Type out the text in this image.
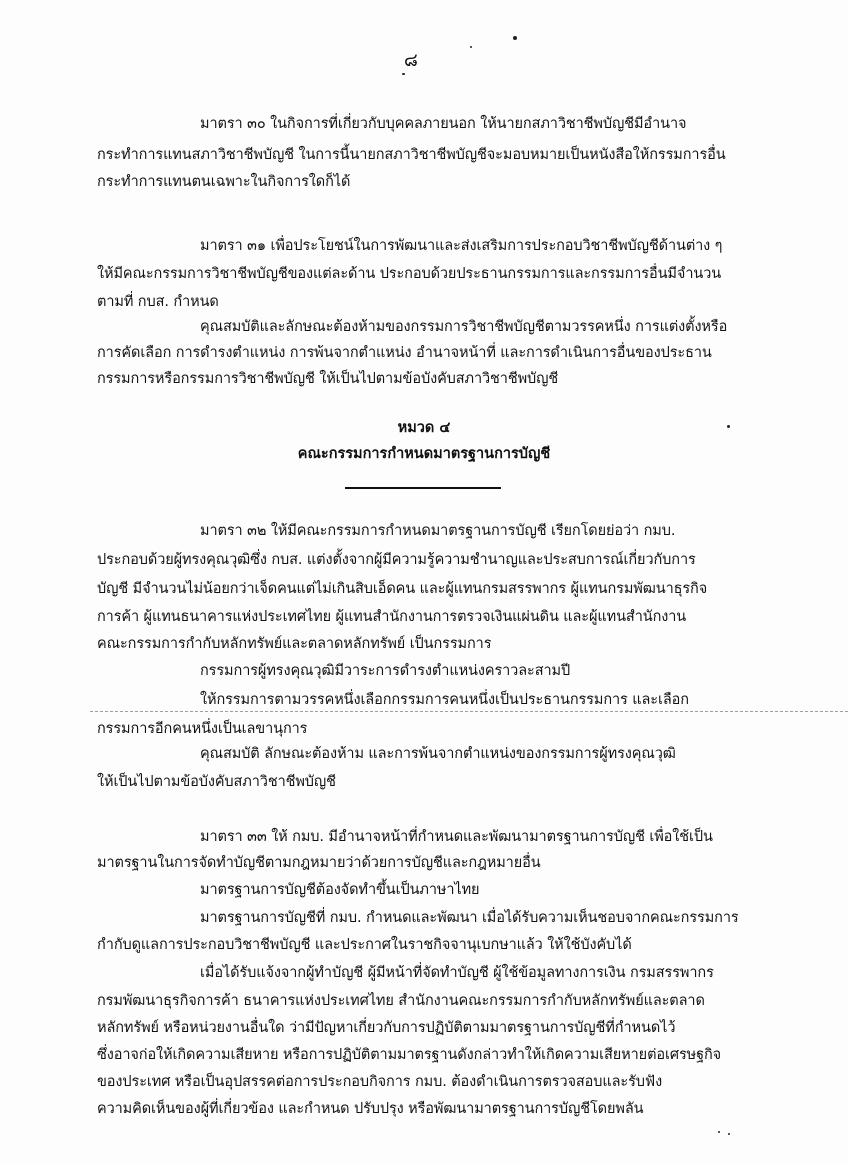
๘
มาตรา ๓๐ ในกิจการที่เกี่ยวกับบุคคลภายนอก ให้นายกสภาวิชาชีพบัญชีมีอำนาจ
กระทำการแทนสภาวิชาชีพบัญชี ในการนี้นายกสภาวิชาชีพบัญชีจะมอบหมายเป็นหนังสือให้กรรมการอื่น
กระทำการแทนตนเฉพาะในกิจการใดก็ได้
มาตรา ๓๑ เพื่อประโยชน์ในการพัฒนาและส่งเสริมการประกอบวิชาชีพบัญชีด้านต่าง ๆ
ให้มีคณะกรรมการวิชาชีพบัญชีของแต่ละด้าน ประกอบด้วยประธานกรรมการและกรรมการอื่นมีจำนวน
ตามที่ กบส. กำหนด
คุณสมบัติและลักษณะต้องห้ามของกรรมการวิชาชีพบัญชีตามวรรคหนึ่ง การแต่งตั้งหรือ
การคัดเลือก การดำรงตำแหน่ง การพ้นจากตำแหน่ง อำนาจหน้าที่ และการดำเนินการอื่นของประธาน
กรรมการหรือกรรมการวิชาชีพบัญชี ให้เป็นไปตามข้อบังคับสภาวิชาชีพบัญชี
หมวด ๔
คณะกรรมการกำหนดมาตรฐานการบัญชี
มาตรา ๓๒ ให้มีคณะกรรมการกำหนดมาตรฐานการบัญชี เรียกโดยย่อว่า กมบ.
ประกอบด้วยผู้ทรงคุณวุฒิซึ่ง กบส. แต่งตั้งจากผู้มีความรู้ความชำนาญและประสบการณ์เกี่ยวกับการ
บัญชี มีจำนวนไม่น้อยกว่าเจ็ดคนแต่ไม่เกินสิบเอ็ดคน และผู้แทนกรมสรรพากร ผู้แทนกรมพัฒนาธุรกิจ
การค้า ผู้แทนธนาคารแห่งประเทศไทย ผู้แทนสำนักงานการตรวจเงินแผ่นดิน และผู้แทนสำนักงาน
คณะกรรมการกำกับหลักทรัพย์และตลาดหลักทรัพย์ เป็นกรรมการ
กรรมการผู้ทรงคุณวุฒิมีวาระการดำรงตำแหน่งคราวละสามปี
ให้กรรมการตามวรรคหนึ่งเลือกกรรมการคนหนึ่งเป็นประธานกรรมการ และเลือก
กรรมการอีกคนหนึ่งเป็นเลขานุการ
คุณสมบัติ ลักษณะต้องห้าม และการพ้นจากตำแหน่งของกรรมการผู้ทรงคุณวุฒิ
ให้เป็นไปตามข้อบังคับสภาวิชาชีพบัญชี
มาตรา ๓๓ ให้ กมบ. มีอำนาจหน้าที่กำหนดและพัฒนามาตรฐานการบัญชี เพื่อใช้เป็น
มาตรฐานในการจัดทำบัญชีตามกฎหมายว่าด้วยการบัญชีและกฎหมายอื่น
มาตรฐานการบัญชีต้องจัดทำขึ้นเป็นภาษาไทย
มาตรฐานการบัญชีที่ กมบ. กำหนดและพัฒนา เมื่อได้รับความเห็นชอบจากคณะกรรมการ
กำกับดูแลการประกอบวิชาชีพบัญชี และประกาศในราชกิจจานุเบกษาแล้ว ให้ใช้บังคับได้
เมื่อได้รับแจ้งจากผู้ทำบัญชี ผู้มีหน้าที่จัดทำบัญชี ผู้ใช้ข้อมูลทางการเงิน กรมสรรพากร
กรมพัฒนาธุรกิจการค้า ธนาคารแห่งประเทศไทย สำนักงานคณะกรรมการกำกับหลักทรัพย์และตลาด
หลักทรัพย์ หรือหน่วยงานอื่นใด ว่ามีปัญหาเกี่ยวกับการปฏิบัติตามมาตรฐานการบัญชีที่กำหนดไว้
ซึ่งอาจก่อให้เกิดความเสียหาย หรือการปฏิบัติตามมาตรฐานดังกล่าวทำให้เกิดความเสียหายต่อเศรษฐกิจ
ของประเทศ หรือเป็นอุปสรรคต่อการประกอบกิจการ กมบ. ต้องดำเนินการตรวจสอบและรับฟัง
ความคิดเห็นของผู้ที่เกี่ยวข้อง และกำหนด ปรับปรุง หรือพัฒนามาตรฐานการบัญชีโดยพลัน
